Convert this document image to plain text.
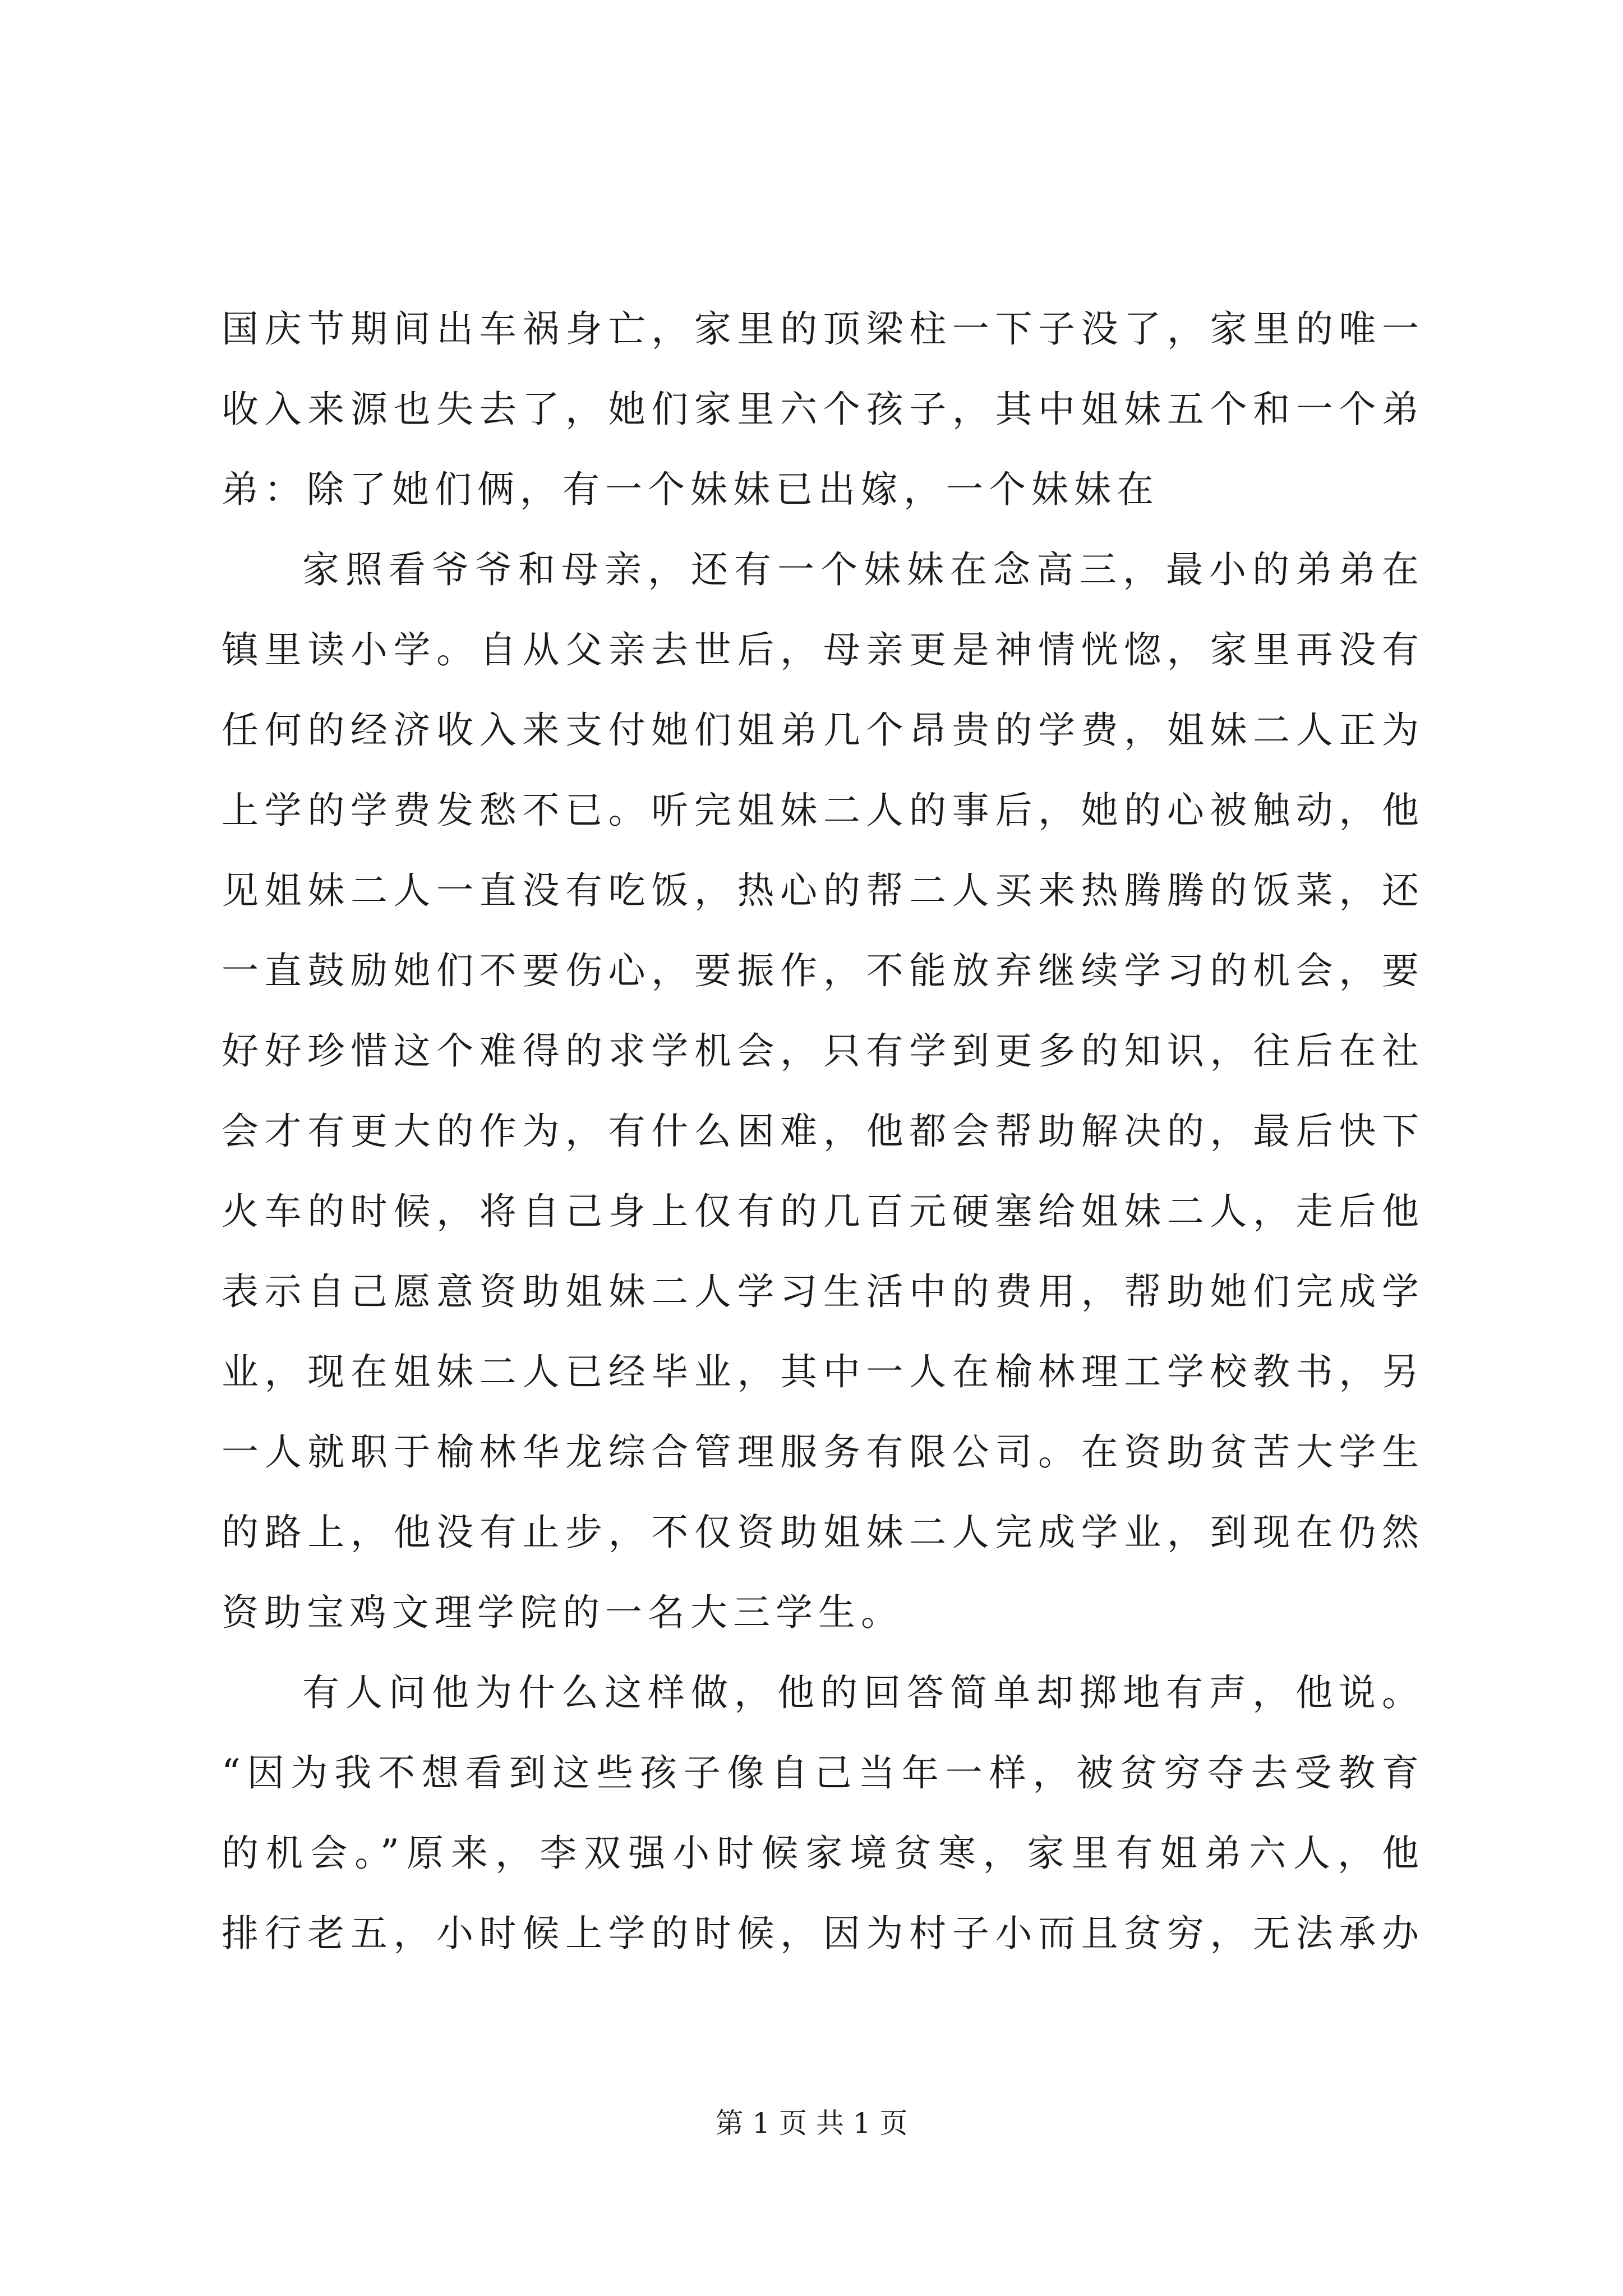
国庆节期间出车祸身亡，家里的顶梁柱一下子没了，家里的唯一
收入来源也失去了，她们家里六个孩子，其中姐妹五个和一个弟
弟：除了她们俩，有一个妹妹已出嫁，一个妹妹在
家照看爷爷和母亲，还有一个妹妹在念高三，最小的弟弟在
镇里读小学。自从父亲去世后，母亲更是神情恍惚，家里再没有
任何的经济收入来支付她们姐弟几个昂贵的学费，姐妹二人正为
上学的学费发愁不已。听完姐妹二人的事后，她的心被触动，他
见姐妹二人一直没有吃饭，热心的帮二人买来热腾腾的饭菜，还
一直鼓励她们不要伤心，要振作，不能放弃继续学习的机会，要
好好珍惜这个难得的求学机会，只有学到更多的知识，往后在社
会才有更大的作为，有什么困难，他都会帮助解决的，最后快下
火车的时候，将自己身上仅有的几百元硬塞给姐妹二人，走后他
表示自己愿意资助姐妹二人学习生活中的费用，帮助她们完成学
业，现在姐妹二人已经毕业，其中一人在榆林理工学校教书，另
一人就职于榆林华龙综合管理服务有限公司。在资助贫苦大学生
的路上，他没有止步，不仅资助姐妹二人完成学业，到现在仍然
资助宝鸡文理学院的一名大三学生。
有人问他为什么这样做，他的回答简单却掷地有声，他说。
“因为我不想看到这些孩子像自己当年一样，被贫穷夺去受教育
的机会。”原来，李双强小时候家境贫寒，家里有姐弟六人，他
排行老五，小时候上学的时候，因为村子小而且贫穷，无法承办
第 1 页 共 1 页
